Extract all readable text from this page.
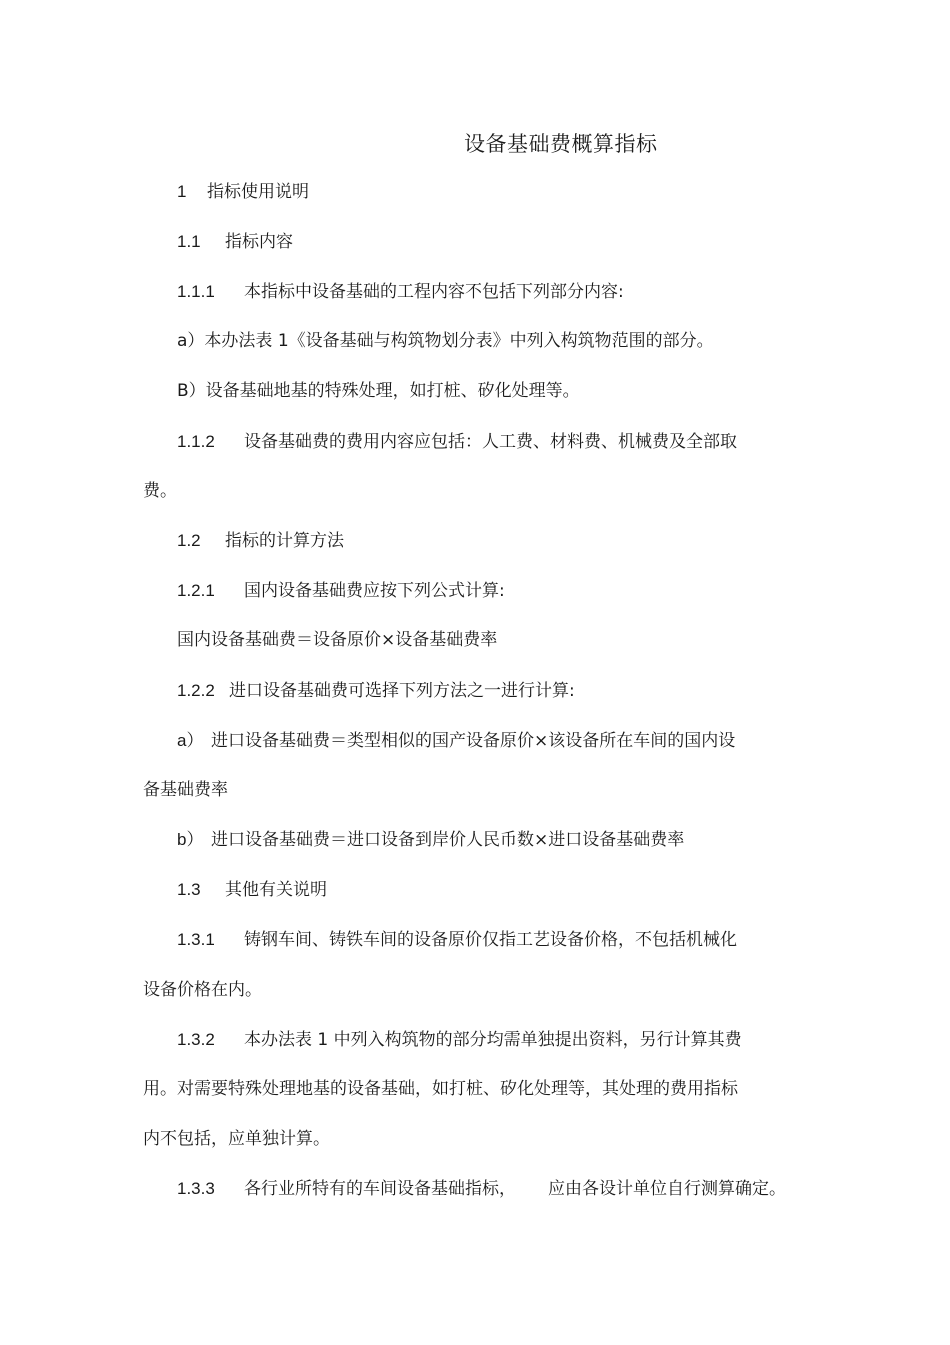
设备基础费概算指标
1 指标使用说明
1.1 指标内容
1.1.1 本指标中设备基础的工程内容不包括下列部分内容:
a）本办法表 1《设备基础与构筑物划分表》中列入构筑物范围的部分。
B）设备基础地基的特殊处理，如打桩、矽化处理等。
1.1.2 设备基础费的费用内容应包括：人工费、材料费、机械费及全部取
费。
1.2 指标的计算方法
1.2.1 国内设备基础费应按下列公式计算:
国内设备基础费＝设备原价×设备基础费率
1.2.2 进口设备基础费可选择下列方法之一进行计算:
a） 进口设备基础费＝类型相似的国产设备原价×该设备所在车间的国内设
备基础费率
b） 进口设备基础费＝进口设备到岸价人民币数×进口设备基础费率
1.3 其他有关说明
1.3.1 铸钢车间、铸铁车间的设备原价仅指工艺设备价格，不包括机械化
设备价格在内。
1.3.2 本办法表 1 中列入构筑物的部分均需单独提出资料，另行计算其费
用。对需要特殊处理地基的设备基础，如打桩、矽化处理等，其处理的费用指标
内不包括，应单独计算。
1.3.3 各行业所特有的车间设备基础指标， 应由各设计单位自行测算确定。
